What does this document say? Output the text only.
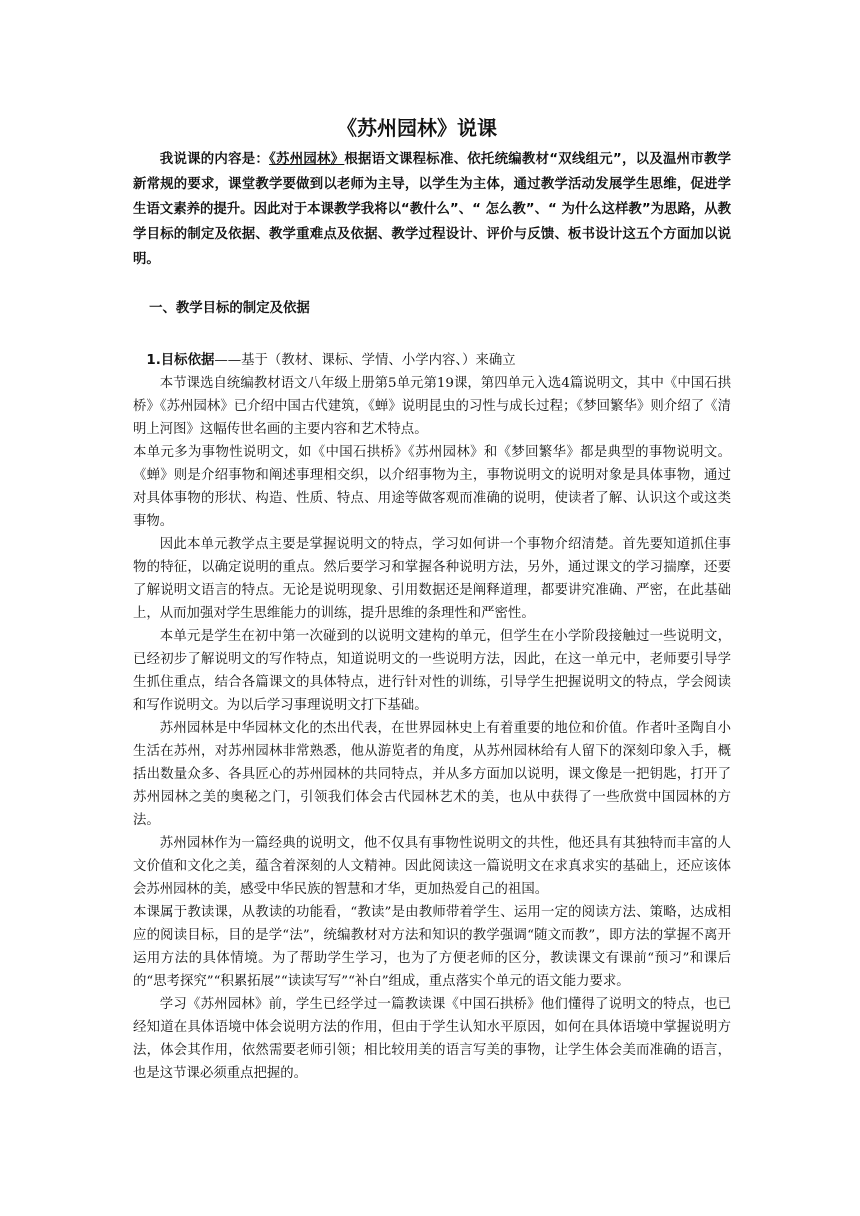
《苏州园林》说课

我说课的内容是：《苏州园林》根据语文课程标准、依托统编教材“双线组元”，以及温州市教学新常规的要求，课堂教学要做到以老师为主导，以学生为主体，通过教学活动发展学生思维，促进学生语文素养的提升。因此对于本课教学我将以“教什么”、“ 怎么教”、“ 为什么这样教”为思路，从教学目标的制定及依据、教学重难点及依据、教学过程设计、评价与反馈、板书设计这五个方面加以说明。

一、教学目标的制定及依据

1.目标依据——基于（教材、课标、学情、小学内容、）来确立

本节课选自统编教材语文八年级上册第5单元第19课，第四单元入选4篇说明文，其中《中国石拱桥》《苏州园林》已介绍中国古代建筑，《蝉》说明昆虫的习性与成长过程；《梦回繁华》则介绍了《清明上河图》这幅传世名画的主要内容和艺术特点。

本单元多为事物性说明文，如《中国石拱桥》《苏州园林》和《梦回繁华》都是典型的事物说明文。《蝉》则是介绍事物和阐述事理相交织，以介绍事物为主，事物说明文的说明对象是具体事物，通过对具体事物的形状、构造、性质、特点、用途等做客观而准确的说明，使读者了解、认识这个或这类事物。

因此本单元教学点主要是掌握说明文的特点，学习如何讲一个事物介绍清楚。首先要知道抓住事物的特征，以确定说明的重点。然后要学习和掌握各种说明方法，另外，通过课文的学习揣摩，还要了解说明文语言的特点。无论是说明现象、引用数据还是阐释道理，都要讲究准确、严密，在此基础上，从而加强对学生思维能力的训练，提升思维的条理性和严密性。

本单元是学生在初中第一次碰到的以说明文建构的单元，但学生在小学阶段接触过一些说明文，已经初步了解说明文的写作特点，知道说明文的一些说明方法，因此，在这一单元中，老师要引导学生抓住重点，结合各篇课文的具体特点，进行针对性的训练，引导学生把握说明文的特点，学会阅读和写作说明文。为以后学习事理说明文打下基础。

苏州园林是中华园林文化的杰出代表，在世界园林史上有着重要的地位和价值。作者叶圣陶自小生活在苏州，对苏州园林非常熟悉，他从游览者的角度，从苏州园林给有人留下的深刻印象入手，概括出数量众多、各具匠心的苏州园林的共同特点，并从多方面加以说明，课文像是一把钥匙，打开了苏州园林之美的奥秘之门，引领我们体会古代园林艺术的美，也从中获得了一些欣赏中国园林的方法。

苏州园林作为一篇经典的说明文，他不仅具有事物性说明文的共性，他还具有其独特而丰富的人文价值和文化之美，蕴含着深刻的人文精神。因此阅读这一篇说明文在求真求实的基础上，还应该体会苏州园林的美，感受中华民族的智慧和才华，更加热爱自己的祖国。

本课属于教读课，从教读的功能看，“教读”是由教师带着学生、运用一定的阅读方法、策略，达成相应的阅读目标，目的是学“法”，统编教材对方法和知识的教学强调“随文而教”，即方法的掌握不离开运用方法的具体情境。为了帮助学生学习，也为了方便老师的区分，教读课文有课前“预习”和课后的“思考探究”“积累拓展”“读读写写”“补白”组成，重点落实个单元的语文能力要求。

学习《苏州园林》前，学生已经学过一篇教读课《中国石拱桥》他们懂得了说明文的特点，也已经知道在具体语境中体会说明方法的作用，但由于学生认知水平原因，如何在具体语境中掌握说明方法，体会其作用，依然需要老师引领；相比较用美的语言写美的事物，让学生体会美而准确的语言，也是这节课必须重点把握的。
